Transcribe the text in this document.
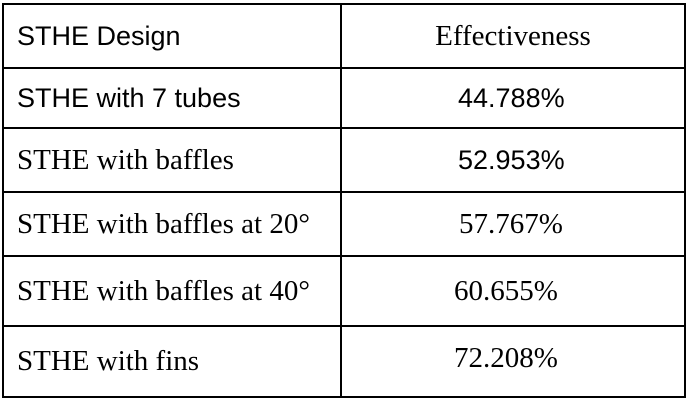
STHE Design	Effectiveness
STHE with 7 tubes	44.788%
STHE with baffles	52.953%
STHE with baffles at 20°	57.767%
STHE with baffles at 40°	60.655%
STHE with fins	72.208%
